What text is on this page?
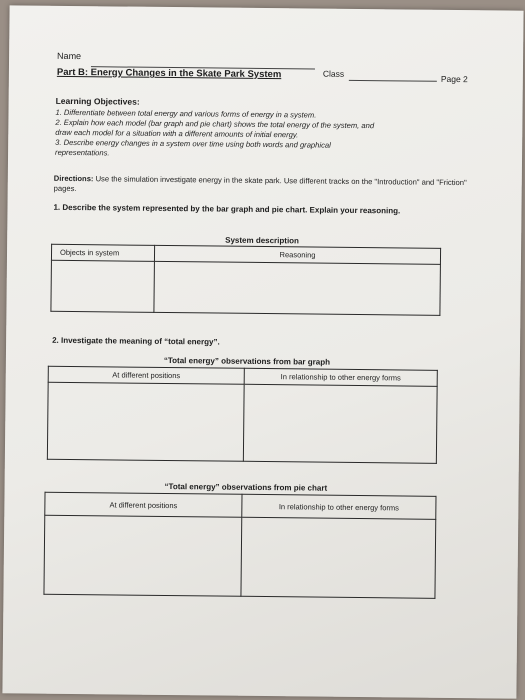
Name
Class
Page 2
Part B: Energy Changes in the Skate Park System
Learning Objectives:
1. Differentiate between total energy and various forms of energy in a system.
2. Explain how each model (bar graph and pie chart) shows the total energy of the system, and
draw each model for a situation with a different amounts of initial energy.
3. Describe energy changes in a system over time using both words and graphical
representations.
Directions: Use the simulation investigate energy in the skate park. Use different tracks on the "Introduction" and "Friction" pages.
1. Describe the system represented by the bar graph and pie chart. Explain your reasoning.
System description
Objects in system	Reasoning

2. Investigate the meaning of “total energy”.
“Total energy” observations from bar graph
At different positions	In relationship to other energy forms

“Total energy” observations from pie chart
At different positions	In relationship to other energy forms
